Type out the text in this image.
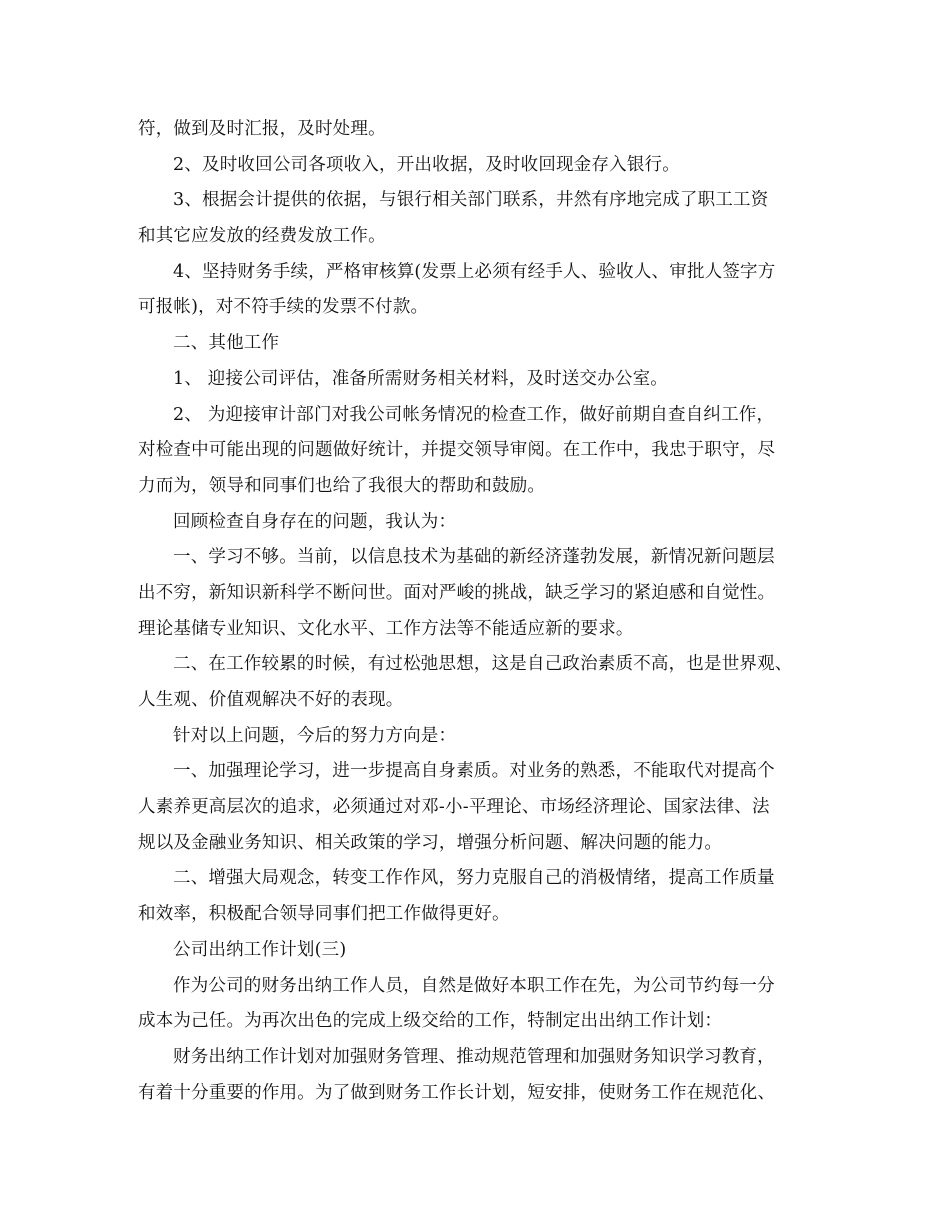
符，做到及时汇报，及时处理。
2、及时收回公司各项收入，开出收据，及时收回现金存入银行。
3、根据会计提供的依据，与银行相关部门联系，井然有序地完成了职工工资
和其它应发放的经费发放工作。
4、坚持财务手续，严格审核算(发票上必须有经手人、验收人、审批人签字方
可报帐)，对不符手续的发票不付款。
二、其他工作
1、 迎接公司评估，准备所需财务相关材料，及时送交办公室。
2、 为迎接审计部门对我公司帐务情况的检查工作，做好前期自查自纠工作，
对检查中可能出现的问题做好统计，并提交领导审阅。在工作中，我忠于职守，尽
力而为，领导和同事们也给了我很大的帮助和鼓励。
回顾检查自身存在的问题，我认为：
一、学习不够。当前，以信息技术为基础的新经济蓬勃发展，新情况新问题层
出不穷，新知识新科学不断问世。面对严峻的挑战，缺乏学习的紧迫感和自觉性。
理论基储专业知识、文化水平、工作方法等不能适应新的要求。
二、在工作较累的时候，有过松弛思想，这是自己政治素质不高，也是世界观、
人生观、价值观解决不好的表现。
针对以上问题，今后的努力方向是：
一、加强理论学习，进一步提高自身素质。对业务的熟悉，不能取代对提高个
人素养更高层次的追求，必须通过对邓-小-平理论、市场经济理论、国家法律、法
规以及金融业务知识、相关政策的学习，增强分析问题、解决问题的能力。
二、增强大局观念，转变工作作风，努力克服自己的消极情绪，提高工作质量
和效率，积极配合领导同事们把工作做得更好。
公司出纳工作计划(三)
作为公司的财务出纳工作人员，自然是做好本职工作在先，为公司节约每一分
成本为己任。为再次出色的完成上级交给的工作，特制定出出纳工作计划：
财务出纳工作计划对加强财务管理、推动规范管理和加强财务知识学习教育，
有着十分重要的作用。为了做到财务工作长计划，短安排，使财务工作在规范化、
